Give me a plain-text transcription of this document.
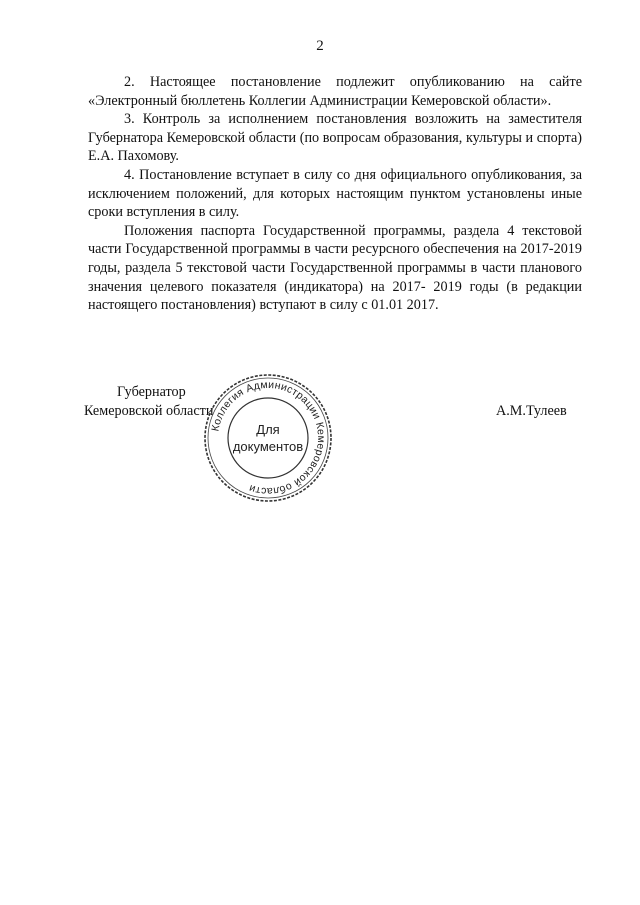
2

2. Настоящее постановление подлежит опубликованию на сайте «Электронный бюллетень Коллегии Администрации Кемеровской области».

3. Контроль за исполнением постановления возложить на заместителя Губернатора Кемеровской области (по вопросам образования, культуры и спорта) Е.А. Пахомову.

4. Постановление вступает в силу со дня официального опубликования, за исключением положений, для которых настоящим пунктом установлены иные сроки вступления в силу.

Положения паспорта Государственной программы, раздела 4 текстовой части Государственной программы в части ресурсного обеспечения на 2017-2019 годы, раздела 5 текстовой части Государственной программы в части планового значения целевого показателя (индикатора) на 2017- 2019 годы (в редакции настоящего постановления) вступают в силу с 01.01 2017.

Губернатор
Кемеровской области	А.М.Тулеев
Коллегия Администрации Кемеровской области
Для
документов
